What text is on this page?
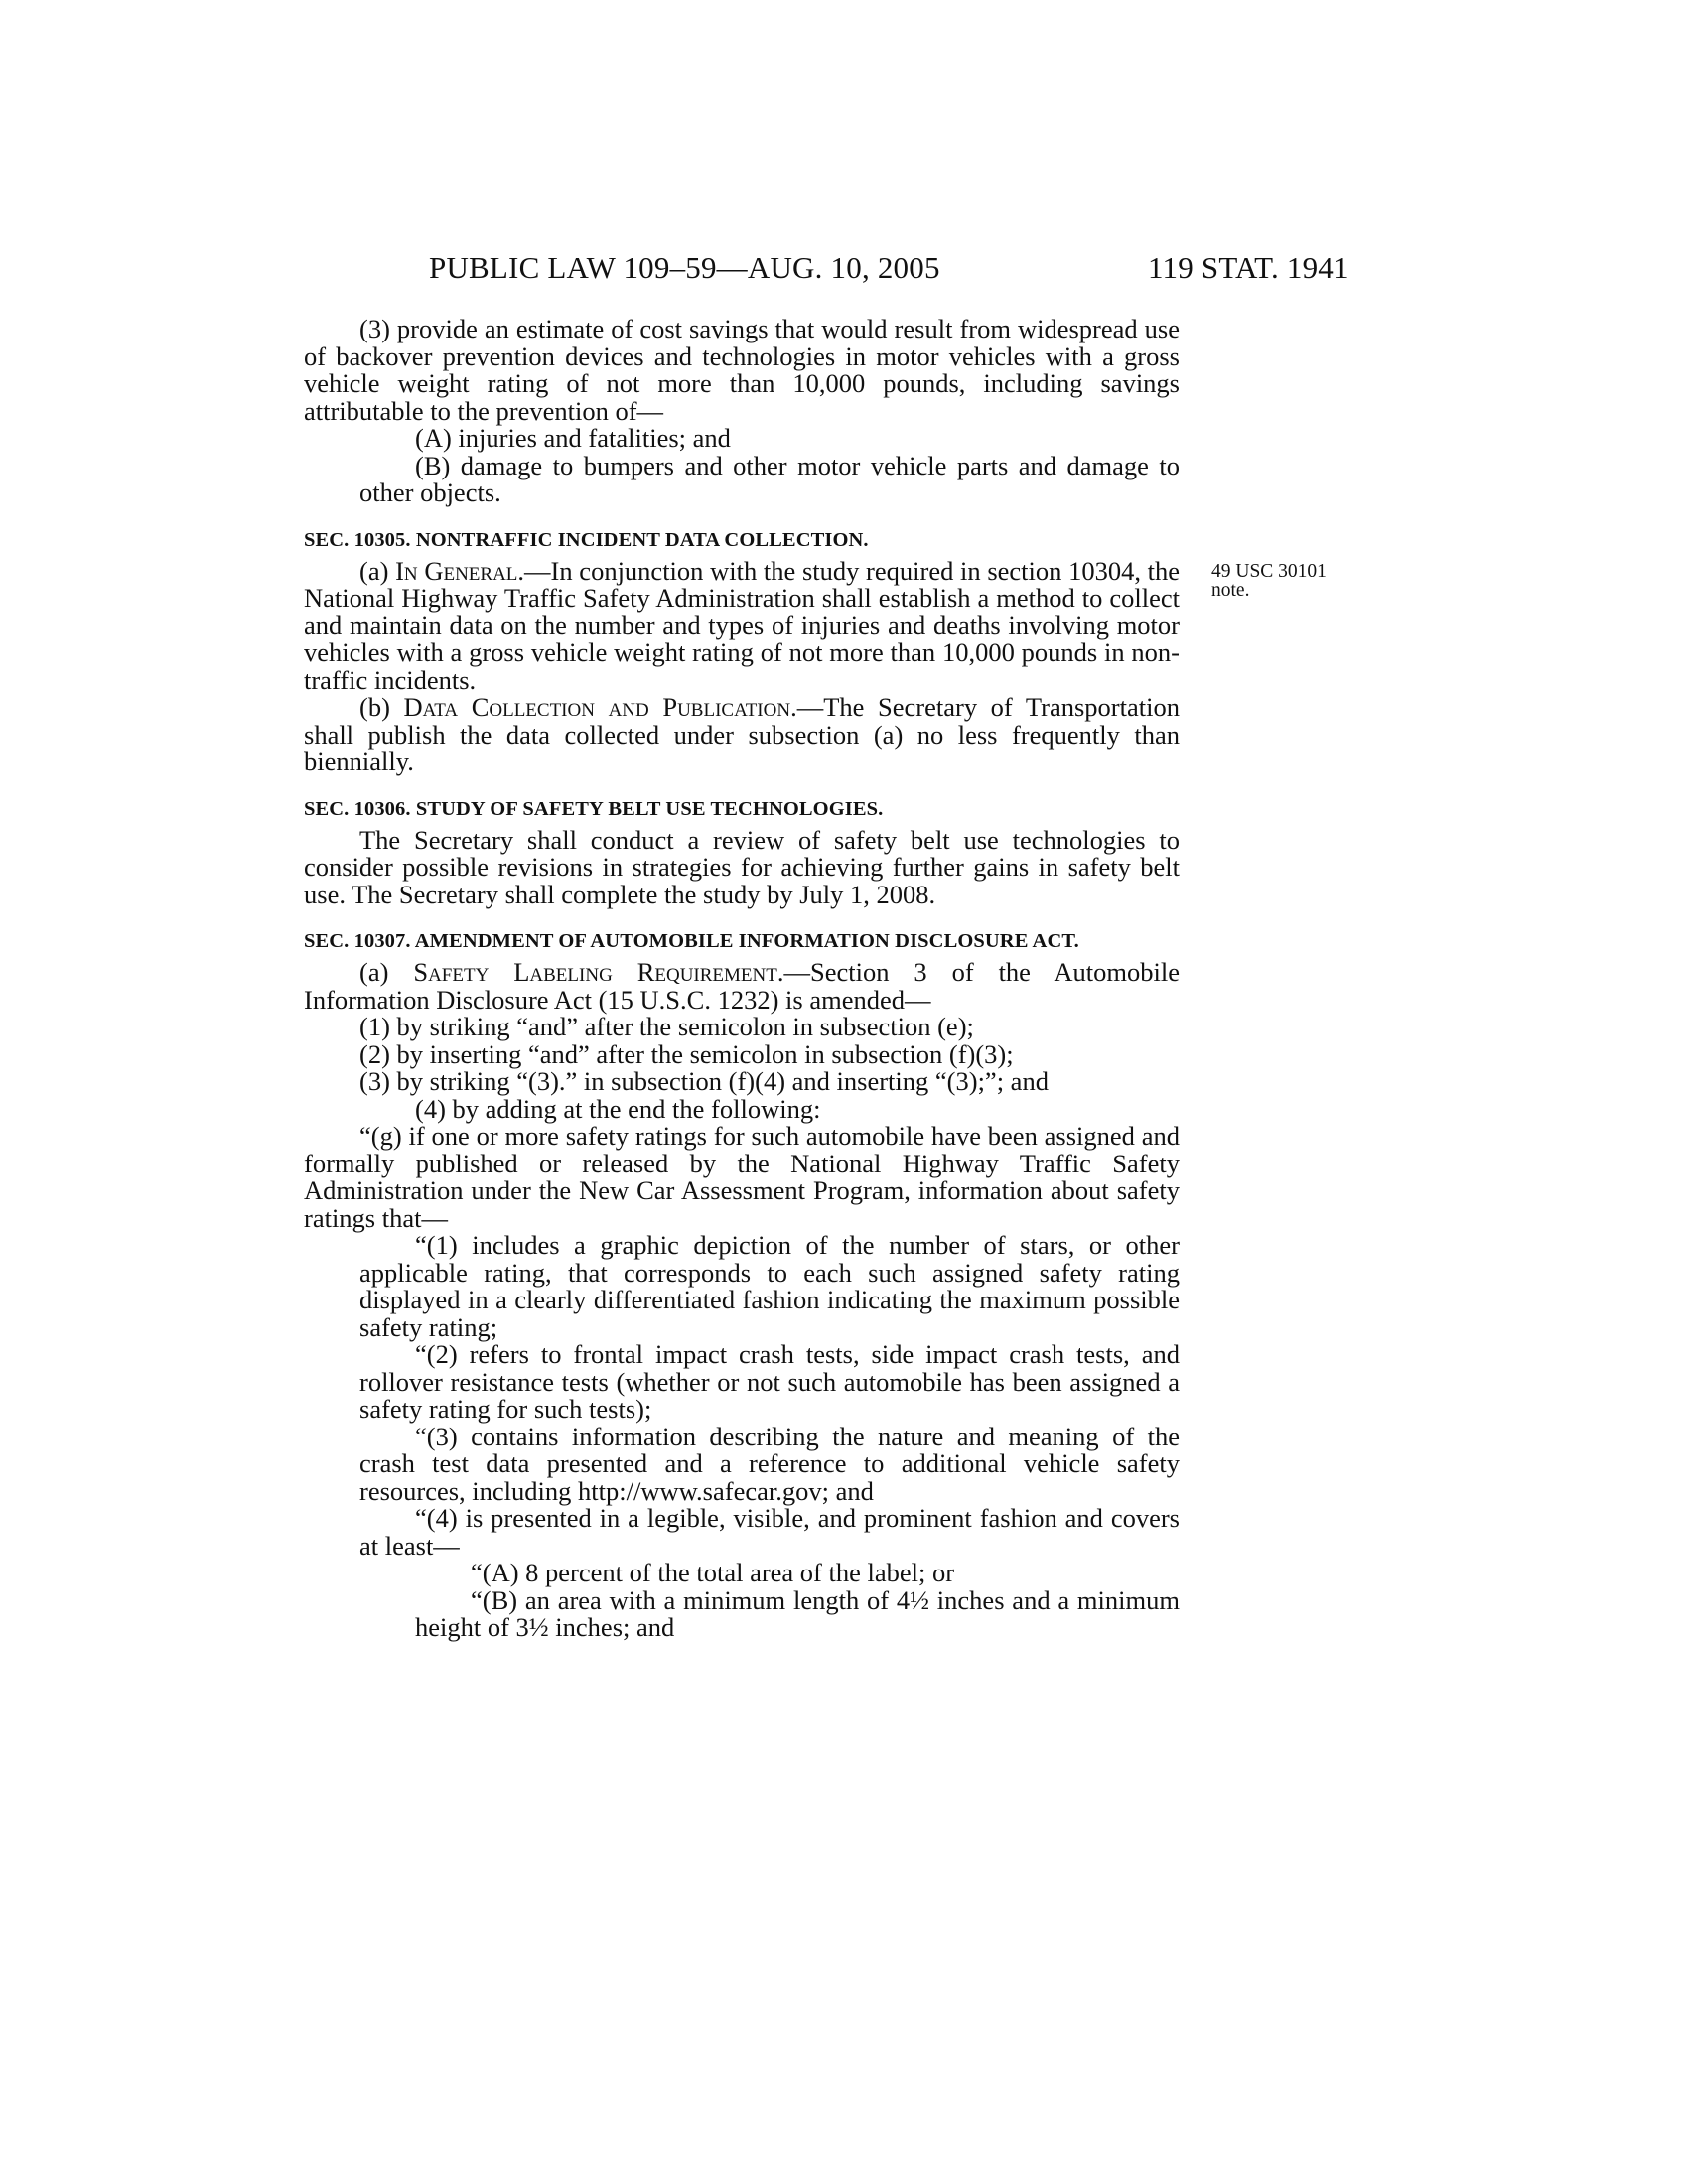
PUBLIC LAW 109–59—AUG. 10, 2005	119 STAT. 1941
49 USC 30101
note.

(3) provide an estimate of cost savings that would result from widespread use of backover prevention devices and technologies in motor vehicles with a gross vehicle weight rating of not more than 10,000 pounds, including savings attributable to the prevention of—

(A) injuries and fatalities; and

(B) damage to bumpers and other motor vehicle parts and damage to other objects.

SEC. 10305. NONTRAFFIC INCIDENT DATA COLLECTION.

(a) In General.—In conjunction with the study required in section 10304, the National Highway Traffic Safety Administration shall establish a method to collect and maintain data on the number and types of injuries and deaths involving motor vehicles with a gross vehicle weight rating of not more than 10,000 pounds in non-traffic incidents.

(b) Data Collection and Publication.—The Secretary of Transportation shall publish the data collected under subsection (a) no less frequently than biennially.

SEC. 10306. STUDY OF SAFETY BELT USE TECHNOLOGIES.

The Secretary shall conduct a review of safety belt use technologies to consider possible revisions in strategies for achieving further gains in safety belt use. The Secretary shall complete the study by July 1, 2008.

SEC. 10307. AMENDMENT OF AUTOMOBILE INFORMATION DISCLOSURE ACT.

(a) Safety Labeling Requirement.—Section 3 of the Automobile Information Disclosure Act (15 U.S.C. 1232) is amended—

(1) by striking “and” after the semicolon in subsection (e);

(2) by inserting “and” after the semicolon in subsection (f)(3);

(3) by striking “(3).” in subsection (f)(4) and inserting “(3);”; and

(4) by adding at the end the following:

“(g) if one or more safety ratings for such automobile have been assigned and formally published or released by the National Highway Traffic Safety Administration under the New Car Assessment Program, information about safety ratings that—

“(1) includes a graphic depiction of the number of stars, or other applicable rating, that corresponds to each such assigned safety rating displayed in a clearly differentiated fashion indicating the maximum possible safety rating;

“(2) refers to frontal impact crash tests, side impact crash tests, and rollover resistance tests (whether or not such automobile has been assigned a safety rating for such tests);

“(3) contains information describing the nature and meaning of the crash test data presented and a reference to additional vehicle safety resources, including http://www.safecar.gov; and

“(4) is presented in a legible, visible, and prominent fashion and covers at least—

“(A) 8 percent of the total area of the label; or

“(B) an area with a minimum length of 4½ inches and a minimum height of 3½ inches; and
